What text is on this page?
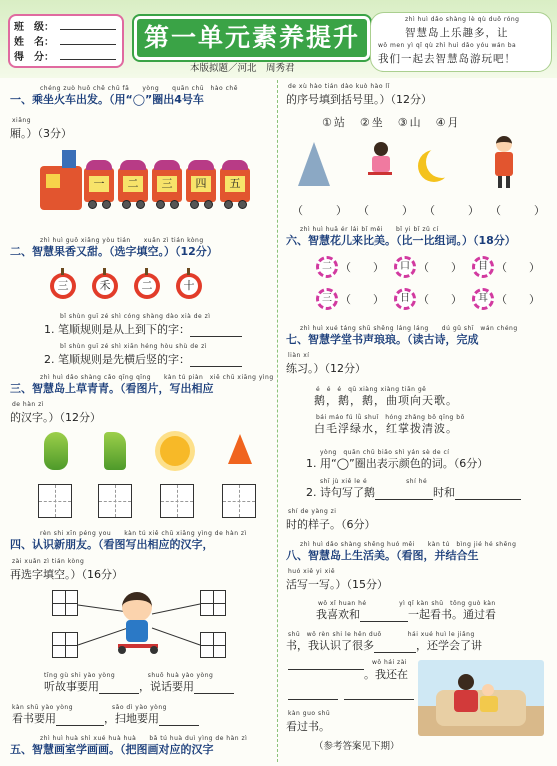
班　 级：
姓　 名：
得　 分：
第一单元素养提升
本版拟题／河北　周秀君
zhì huì dǎo shàng lè qù duō róng
智慧岛上乐趣多，让
wǒ men yì qǐ qù zhì huì dǎo yóu wán ba
我们一起去智慧岛游玩吧！
chéng zuò huǒ chē chū fā　　yòng　　quān chū　hào chē
一、乘坐火车出发。（用“◯”圈出4号车
xiāng
厢。）（3分）
一	二	三	四	五
zhì huì guǒ xiāng yòu tián　　xuǎn zì tián kòng
二、智慧果香又甜。（选字填空。）（12分）
三	禾	二	十
bǐ shùn guī zé shì cóng shàng dào xià de zì
1. 笔顺规则是从上到下的字：
bǐ shùn guī zé shì xiān héng hòu shù de zì
2. 笔顺规则是先横后竖的字：
zhì huì dǎo shàng cǎo qīng qīng　　kàn tú piàn　xiě chū xiāng yìng
三、智慧岛上草青青。（看图片，写出相应
de hàn zì
的汉字。）（12分）
rèn shi xīn péng you　　kàn tú xiě chū xiāng yìng de hàn zì
四、认识新朋友。（看图写出相应的汉字，
zài xuǎn zì tián kòng
再选字填空。）（16分）
tīng gù shi yào yòng　　　　　shuō huà yào yòng
听故事要用	，说话要用
kàn shū yào yòng　　　　　　sǎo dì yào yòng
看书要用	，扫地要用
zhì huì huà shì xué huà huà　　bǎ tú huà duì yìng de hàn zì
五、智慧画室学画画。（把图画对应的汉字
de xù hào tián dào kuò hào lǐ
的序号填到括号里。）（12分）
①站　②坐　③山　④月
（　　　）　　（　　　）　　（　　　）　　（　　　）
zhì huì huā ér lái bǐ měi　　bǐ yi bǐ zǔ cí
六、智慧花儿来比美。（比一比组词。）（18分）
二 （　　）	口 （　　）	目 （　　）
三 （　　）	日 （　　）	耳 （　　）
zhì huì xué táng shū shēng láng láng　　dú gǔ shī　wán chéng
七、智慧学堂书声琅琅。（读古诗，完成
liàn xí
练习。）（12分）
é　é　é　qū xiàng xiàng tiān gē
鹅，鹅，鹅，曲项向天歌。
bái máo fú lǜ shuǐ　hóng zhǎng bō qīng bō
白毛浮绿水，红掌拨清波。
yòng　quān chū biǎo shì yán sè de cí
1. 用“◯”圈出表示颜色的词。（6分）
shī jù xiě le é　　　　　　shí hé
2. 诗句写了鹅	时和
shí de yàng zi
时的样子。（6分）
zhì huì dǎo shàng shēng huó měi　　kàn tú　bìng jié hé shēng
八、智慧岛上生活美。（看图，并结合生
huó xiě yi xiě
活写一写。）（15分）
wǒ xǐ huan hé　　　　　yì qǐ kàn shū　tōng guò kàn
我喜欢和	一起看书。通过看
shū　wǒ rèn shi le hěn duō　　　　hái xué huì le jiǎng
书，我认识了很多	，还学会了讲
wǒ hái zài
。我还在
kàn guo shū
看过书。
（参考答案见下期）
